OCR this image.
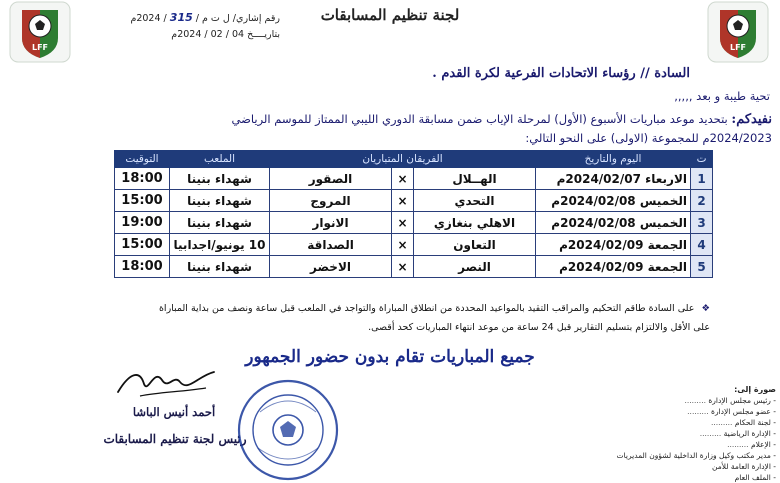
LFF	LFF
لجنة تنظيم المسابقات
رقم إشاري/ ل ت م / 315 / 2024م
بتاريــــخ 04 / 02 / 2024م
السادة // رؤساء الاتحادات الفرعية لكرة القدم .
تحية طيبة و بعد ,,,,,
نفيدكم: بتحديد موعد مباريات الأسبوع (الأول) لمرحلة الإياب ضمن مسابقة الدوري الليبي الممتاز للموسم الرياضي 2024/2023م للمجموعة (الاولى) على النحو التالي:
ت	اليوم والتاريخ	الفريقان المتباريان			الملعب	التوقيت
1	الاربعاء 2024/02/07م	الهــلال	×	الصقور	شهداء بنينا	18:00
2	الخميس 2024/02/08م	التحدي	×	المروج	شهداء بنينا	15:00
3	الخميس 2024/02/08م	الاهلي بنغازي	×	الانوار	شهداء بنينا	19:00
4	الجمعة 2024/02/09م	التعاون	×	الصداقة	10 يونيو/اجدابيا	15:00
5	الجمعة 2024/02/09م	النصر	×	الاخضر	شهداء بنينا	18:00
❖ على السادة طاقم التحكيم والمراقب التقيد بالمواعيد المحددة من انطلاق المباراة والتواجد في الملعب قبل ساعة ونصف من بداية المباراة
على الأقل والالتزام بتسليم التقارير قبل 24 ساعة من موعد انتهاء المباريات كحد أقصى.
جميع المباريات تقام بدون حضور الجمهور
أحمد أنيس الباشا
رئيس لجنة تنظيم المسابقات
صورة إلى:
- رئيس مجلس الإدارة .........
- عضو مجلس الإدارة .........
- لجنة الحكام .........
- الإدارة الرياضية .........
- الإعلام .........
- مدير مكتب وكيل وزارة الداخلية لشؤون المديريات
- الإدارة العامة للأمن
- الملف العام
